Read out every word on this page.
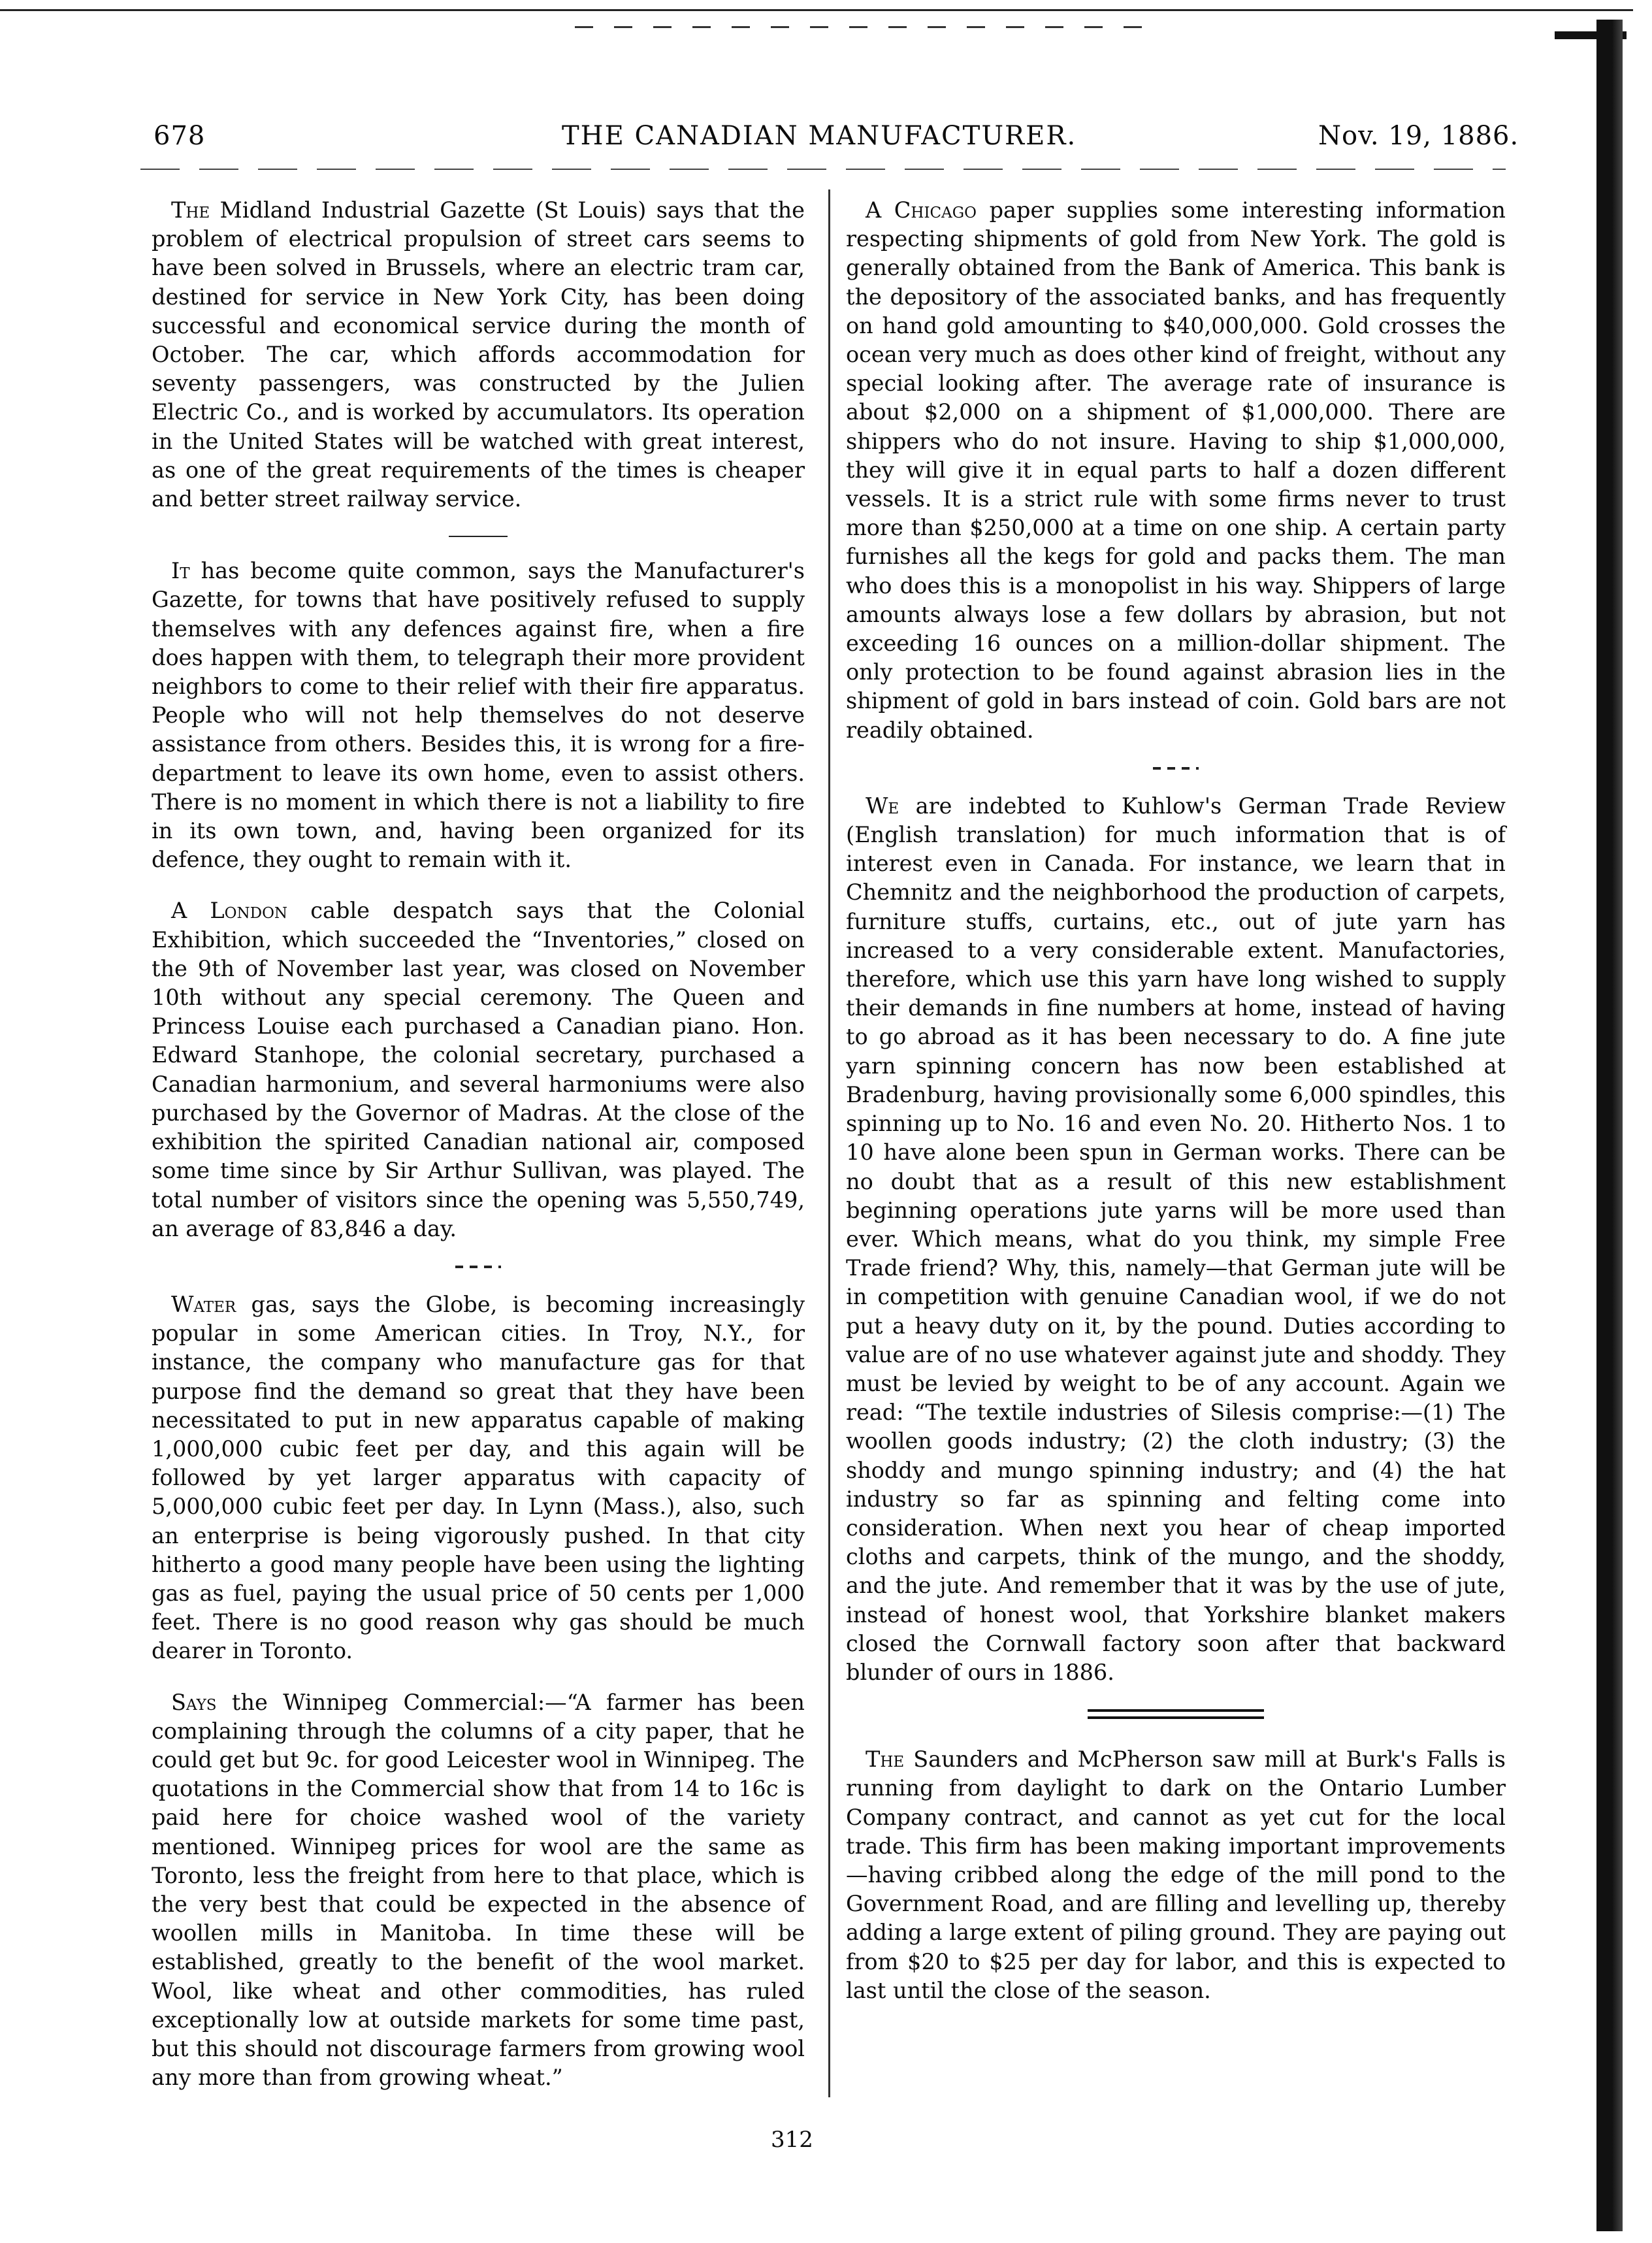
678	THE CANADIAN MANUFACTURER.	Nov. 19, 1886.

The Midland Industrial Gazette (St Louis) says that the problem of electrical propulsion of street cars seems to have been solved in Brussels, where an electric tram car, destined for service in New York City, has been doing successful and economical service during the month of October. The car, which affords accommodation for seventy passengers, was constructed by the Julien Electric Co., and is worked by accumulators. Its operation in the United States will be watched with great interest, as one of the great requirements of the times is cheaper and better street railway service.

It has become quite common, says the Manufacturer's Gazette, for towns that have positively refused to supply themselves with any defences against fire, when a fire does happen with them, to telegraph their more provident neighbors to come to their relief with their fire apparatus. People who will not help themselves do not deserve assistance from others. Besides this, it is wrong for a fire-department to leave its own home, even to assist others. There is no moment in which there is not a liability to fire in its own town, and, having been organized for its defence, they ought to remain with it.

A London cable despatch says that the Colonial Exhibition, which succeeded the “Inventories,” closed on the 9th of November last year, was closed on November 10th without any special ceremony. The Queen and Princess Louise each purchased a Canadian piano. Hon. Edward Stanhope, the colonial secretary, purchased a Canadian harmonium, and several harmoniums were also purchased by the Governor of Madras. At the close of the exhibition the spirited Canadian national air, composed some time since by Sir Arthur Sullivan, was played. The total number of visitors since the opening was 5,550,749, an average of 83,846 a day.

Water gas, says the Globe, is becoming increasingly popular in some American cities. In Troy, N.Y., for instance, the company who manufacture gas for that purpose find the demand so great that they have been necessitated to put in new apparatus capable of making 1,000,000 cubic feet per day, and this again will be followed by yet larger apparatus with capacity of 5,000,000 cubic feet per day. In Lynn (Mass.), also, such an enterprise is being vigorously pushed. In that city hitherto a good many people have been using the lighting gas as fuel, paying the usual price of 50 cents per 1,000 feet. There is no good reason why gas should be much dearer in Toronto.

Says the Winnipeg Commercial:—“A farmer has been complaining through the columns of a city paper, that he could get but 9c. for good Leicester wool in Winnipeg. The quotations in the Commercial show that from 14 to 16c is paid here for choice washed wool of the variety mentioned. Winnipeg prices for wool are the same as Toronto, less the freight from here to that place, which is the very best that could be expected in the absence of woollen mills in Manitoba. In time these will be established, greatly to the benefit of the wool market. Wool, like wheat and other commodities, has ruled exceptionally low at outside markets for some time past, but this should not discourage farmers from growing wool any more than from growing wheat.”

A Chicago paper supplies some interesting information respecting shipments of gold from New York. The gold is generally obtained from the Bank of America. This bank is the depository of the associated banks, and has frequently on hand gold amounting to $40,000,000. Gold crosses the ocean very much as does other kind of freight, without any special looking after. The average rate of insurance is about $2,000 on a shipment of $1,000,000. There are shippers who do not insure. Having to ship $1,000,000, they will give it in equal parts to half a dozen different vessels. It is a strict rule with some firms never to trust more than $250,000 at a time on one ship. A certain party furnishes all the kegs for gold and packs them. The man who does this is a monopolist in his way. Shippers of large amounts always lose a few dollars by abrasion, but not exceeding 16 ounces on a million-dollar shipment. The only protection to be found against abrasion lies in the shipment of gold in bars instead of coin. Gold bars are not readily obtained.

We are indebted to Kuhlow's German Trade Review (English translation) for much information that is of interest even in Canada. For instance, we learn that in Chemnitz and the neighborhood the production of carpets, furniture stuffs, curtains, etc., out of jute yarn has increased to a very considerable extent. Manufactories, therefore, which use this yarn have long wished to supply their demands in fine numbers at home, instead of having to go abroad as it has been necessary to do. A fine jute yarn spinning concern has now been established at Bradenburg, having provisionally some 6,000 spindles, this spinning up to No. 16 and even No. 20. Hitherto Nos. 1 to 10 have alone been spun in German works. There can be no doubt that as a result of this new establishment beginning operations jute yarns will be more used than ever. Which means, what do you think, my simple Free Trade friend? Why, this, namely—that German jute will be in competition with genuine Canadian wool, if we do not put a heavy duty on it, by the pound. Duties according to value are of no use whatever against jute and shoddy. They must be levied by weight to be of any account. Again we read: “The textile industries of Silesis comprise:—(1) The woollen goods industry; (2) the cloth industry; (3) the shoddy and mungo spinning industry; and (4) the hat industry so far as spinning and felting come into consideration. When next you hear of cheap imported cloths and carpets, think of the mungo, and the shoddy, and the jute. And remember that it was by the use of jute, instead of honest wool, that Yorkshire blanket makers closed the Cornwall factory soon after that backward blunder of ours in 1886.

The Saunders and McPherson saw mill at Burk's Falls is running from daylight to dark on the Ontario Lumber Company contract, and cannot as yet cut for the local trade. This firm has been making important improvements—having cribbed along the edge of the mill pond to the Government Road, and are filling and levelling up, thereby adding a large extent of piling ground. They are paying out from $20 to $25 per day for labor, and this is expected to last until the close of the season.

312
